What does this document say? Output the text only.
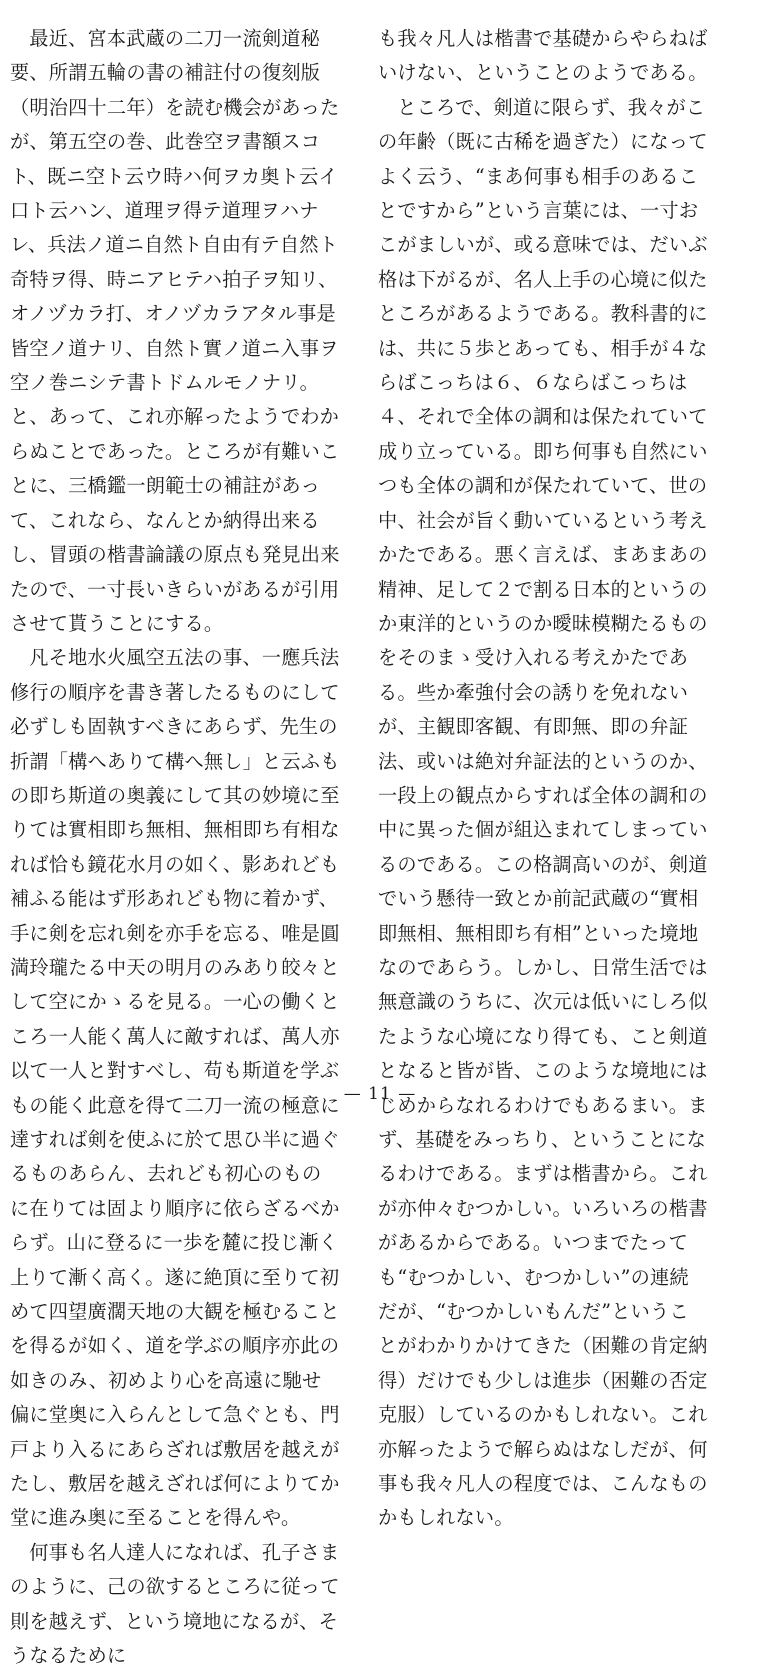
最近、宮本武蔵の二刀一流剣道秘要、所謂五輪の書の補註付の復刻版（明治四十二年）を読む機会があったが、第五空の巻、此巻空ヲ書額スコト、既ニ空ト云ウ時ハ何ヲカ奥ト云イ口ト云ハン、道理ヲ得テ道理ヲハナレ、兵法ノ道ニ自然ト自由有テ自然ト奇特ヲ得、時ニアヒテハ拍子ヲ知リ、オノヅカラ打、オノヅカラアタル事是皆空ノ道ナリ、自然ト實ノ道ニ入事ヲ空ノ巻ニシテ書トドムルモノナリ。と、あって、これ亦解ったようでわからぬことであった。ところが有難いことに、三橋鑑一朗範士の補註があって、これなら、なんとか納得出来るし、冒頭の楷書論議の原点も発見出来たので、一寸長いきらいがあるが引用させて貰うことにする。

凡そ地水火風空五法の事、一應兵法修行の順序を書き著したるものにして必ずしも固執すべきにあらず、先生の折謂「構へありて構へ無し」と云ふもの即ち斯道の奥義にして其の妙境に至りては實相即ち無相、無相即ち有相なれば恰も鏡花水月の如く、影あれども補ふる能はず形あれども物に着かず、手に剣を忘れ剣を亦手を忘る、唯是圓満玲瓏たる中天の明月のみあり皎々として空にかゝるを見る。一心の働くところ一人能く萬人に敵すれば、萬人亦以て一人と對すべし、苟も斯道を学ぶもの能く此意を得て二刀一流の極意に達すれば剣を使ふに於て思ひ半に過ぐるものあらん、去れども初心のものに在りては固より順序に依らざるべからず。山に登るに一歩を麓に投じ漸く上りて漸く高く。遂に絶頂に至りて初めて四望廣濶天地の大観を極むることを得るが如く、道を学ぶの順序亦此の如きのみ、初めより心を高遠に馳せ偏に堂奥に入らんとして急ぐとも、門戸より入るにあらざれば敷居を越えがたし、敷居を越えざれば何によりてか堂に進み奥に至ることを得んや。

何事も名人達人になれば、孔子さまのように、己の欲するところに従って則を越えず、という境地になるが、そうなるために

も我々凡人は楷書で基礎からやらねばいけない、ということのようである。

ところで、剣道に限らず、我々がこの年齢（既に古稀を過ぎた）になってよく云う、“まあ何事も相手のあることですから”という言葉には、一寸おこがましいが、或る意味では、だいぶ格は下がるが、名人上手の心境に似たところがあるようである。教科書的には、共に５歩とあっても、相手が４ならばこっちは６、６ならばこっちは４、それで全体の調和は保たれていて成り立っている。即ち何事も自然にいつも全体の調和が保たれていて、世の中、社会が旨く動いているという考えかたである。悪く言えば、まあまあの精神、足して２で割る日本的というのか東洋的というのか曖昧模糊たるものをそのまゝ受け入れる考えかたである。些か牽強付会の誘りを免れないが、主観即客観、有即無、即の弁証法、或いは絶対弁証法的というのか、一段上の観点からすれば全体の調和の中に異った個が組込まれてしまっているのである。この格調高いのが、剣道でいう懸待一致とか前記武蔵の“實相即無相、無相即ち有相”といった境地なのであらう。しかし、日常生活では無意識のうちに、次元は低いにしろ似たような心境になり得ても、こと剣道となると皆が皆、このような境地にはじめからなれるわけでもあるまい。まず、基礎をみっちり、ということになるわけである。まずは楷書から。これが亦仲々むつかしい。いろいろの楷書があるからである。いつまでたっても“むつかしい、むつかしい”の連続だが、“むつかしいもんだ”ということがわかりかけてきた（困難の肯定納得）だけでも少しは進歩（困難の否定克服）しているのかもしれない。これ亦解ったようで解らぬはなしだが、何事も我々凡人の程度では、こんなものかもしれない。

— 11 —
